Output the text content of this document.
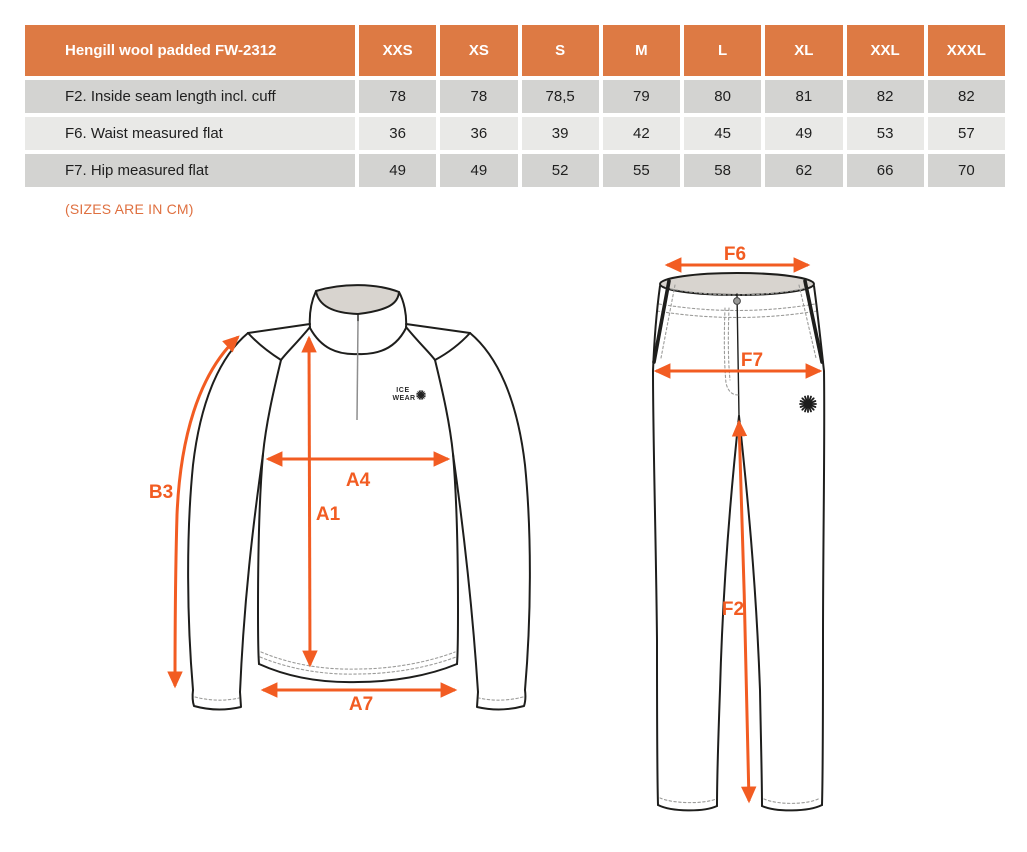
Hengill wool padded FW-2312	XXS	XS	S	M	L	XL	XXL	XXXL
F2. Inside seam length incl. cuff	78	78	78,5	79	80	81	82	82
F6. Waist measured flat	36	36	39	42	45	49	53	57
F7. Hip measured flat	49	49	52	55	58	62	66	70
(SIZES ARE IN CM)
ICE
WEAR
B3
A4
A1
A7
F6
F7
F2
